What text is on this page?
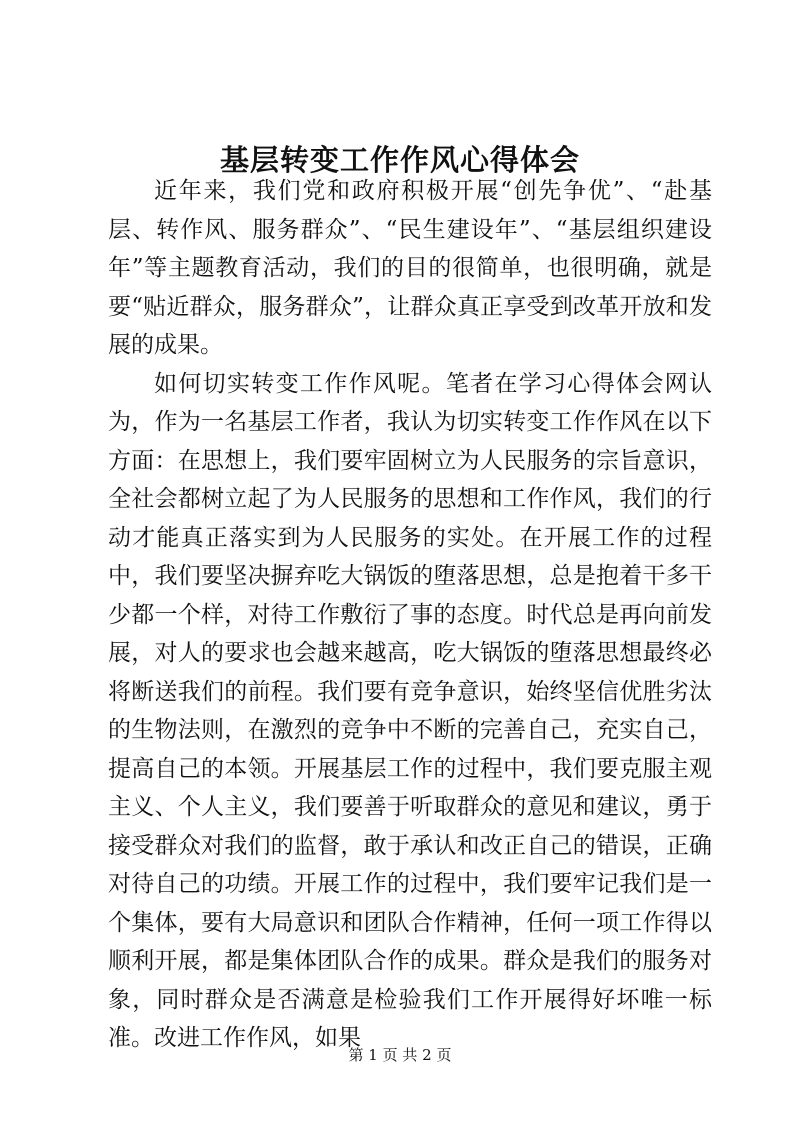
基层转变工作作风心得体会

近年来，我们党和政府积极开展“创先争优”、“赴基层、转作风、服务群众”、“民生建设年”、“基层组织建设年”等主题教育活动，我们的目的很简单，也很明确，就是要“贴近群众，服务群众”，让群众真正享受到改革开放和发展的成果。

如何切实转变工作作风呢。笔者在学习心得体会网认为，作为一名基层工作者，我认为切实转变工作作风在以下方面：在思想上，我们要牢固树立为人民服务的宗旨意识，全社会都树立起了为人民服务的思想和工作作风，我们的行动才能真正落实到为人民服务的实处。在开展工作的过程中，我们要坚决摒弃吃大锅饭的堕落思想，总是抱着干多干少都一个样，对待工作敷衍了事的态度。时代总是再向前发展，对人的要求也会越来越高，吃大锅饭的堕落思想最终必将断送我们的前程。我们要有竞争意识，始终坚信优胜劣汰的生物法则，在激烈的竞争中不断的完善自己，充实自己，提高自己的本领。开展基层工作的过程中，我们要克服主观主义、个人主义，我们要善于听取群众的意见和建议，勇于接受群众对我们的监督，敢于承认和改正自己的错误，正确对待自己的功绩。开展工作的过程中，我们要牢记我们是一个集体，要有大局意识和团队合作精神，任何一项工作得以顺利开展，都是集体团队合作的成果。群众是我们的服务对象，同时群众是否满意是检验我们工作开展得好坏唯一标准。改进工作作风，如果

第 1 页 共 2 页
